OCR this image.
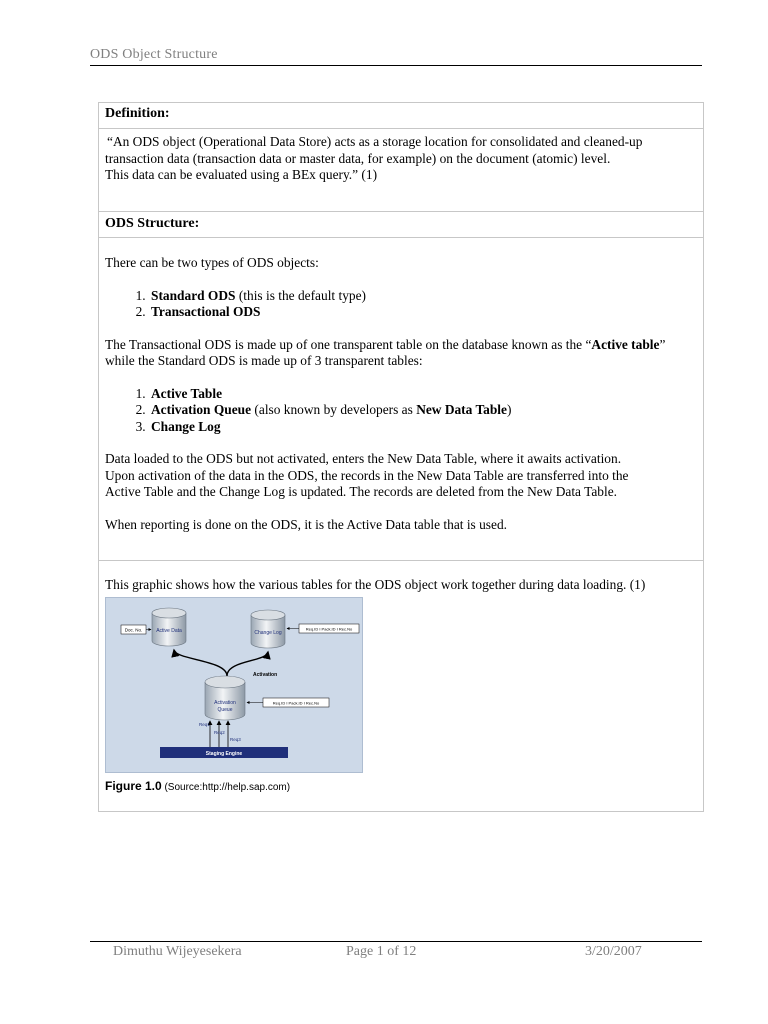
ODS Object Structure
Definition:

“An ODS object (Operational Data Store) acts as a storage location for consolidated and cleaned-up

transaction data (transaction data or master data, for example) on the document (atomic) level.

This data can be evaluated using a BEx query.” (1)

ODS Structure:

There can be two types of ODS objects:

1. Standard ODS (this is the default type)
2. Transactional ODS

The Transactional ODS is made up of one transparent table on the database known as the “Active table”

while the Standard ODS is made up of 3 transparent tables:

1. Active Table
2. Activation Queue (also known by developers as New Data Table)
3. Change Log

Data loaded to the ODS but not activated, enters the New Data Table, where it awaits activation.

Upon activation of the data in the ODS, the records in the New Data Table are transferred into the

Active Table and the Change Log is updated. The records are deleted from the New Data Table.

When reporting is done on the ODS, it is the Active Data table that is used.

This graphic shows how the various tables for the ODS object work together during data loading. (1)

Active Data
Doc. No.	Change Log
Req.ID I Pack.ID I Rec.No
Activation
Activation
Queue
Req.ID I Pack.ID I Rec.No
Req1
Req2
Req3
Staging Engine
Figure 1.0 (Source:http://help.sap.com)
Dimuthu Wijeyesekera	Page 1 of 12	3/20/2007
